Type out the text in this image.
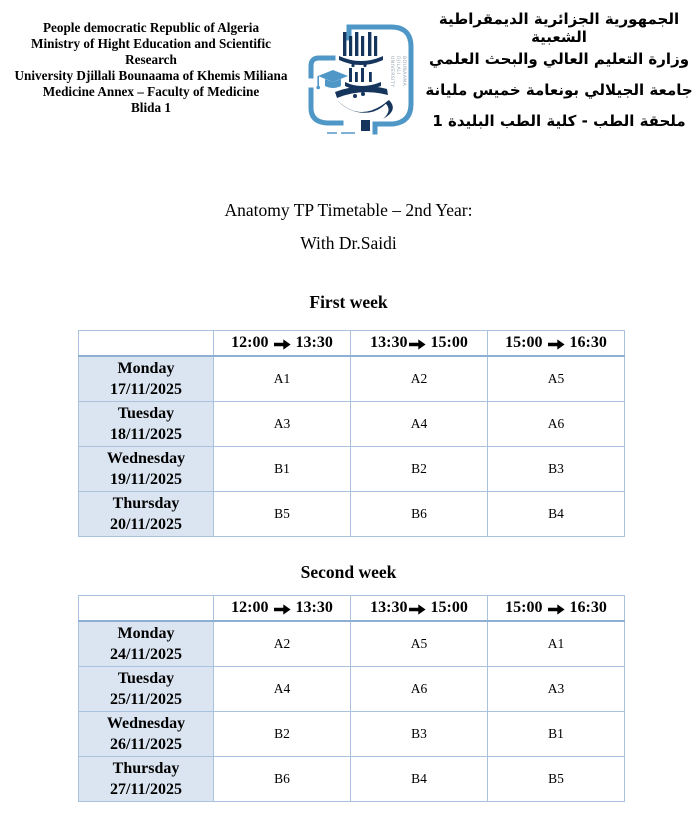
People democratic Republic of Algeria
Ministry of Hight Education and Scientific Research
University Djillali Bounaama of Khemis Miliana
Medicine Annex – Faculty of Medicine
Blida 1
UNIVERSITY DJILALI BOUNAAMA
الجمهورية الجزائرية الديمقراطية الشعبية
وزارة التعليم العالي والبحث العلمي
جامعة الجيلالي بونعامة خميس مليانة
ملحقة الطب - كلية الطب البليدة 1
Anatomy TP Timetable – 2nd Year:
With Dr.Saidi
First week

	12:00 13:30	13:30 15:00	15:00 16:30

Monday
17/11/2025	A1	A2	A5

Tuesday
18/11/2025	A3	A4	A6

Wednesday
19/11/2025	B1	B2	B3

Thursday
20/11/2025	B5	B6	B4
Second week

	12:00 13:30	13:30 15:00	15:00 16:30

Monday
24/11/2025	A2	A5	A1

Tuesday
25/11/2025	A4	A6	A3

Wednesday
26/11/2025	B2	B3	B1

Thursday
27/11/2025	B6	B4	B5
